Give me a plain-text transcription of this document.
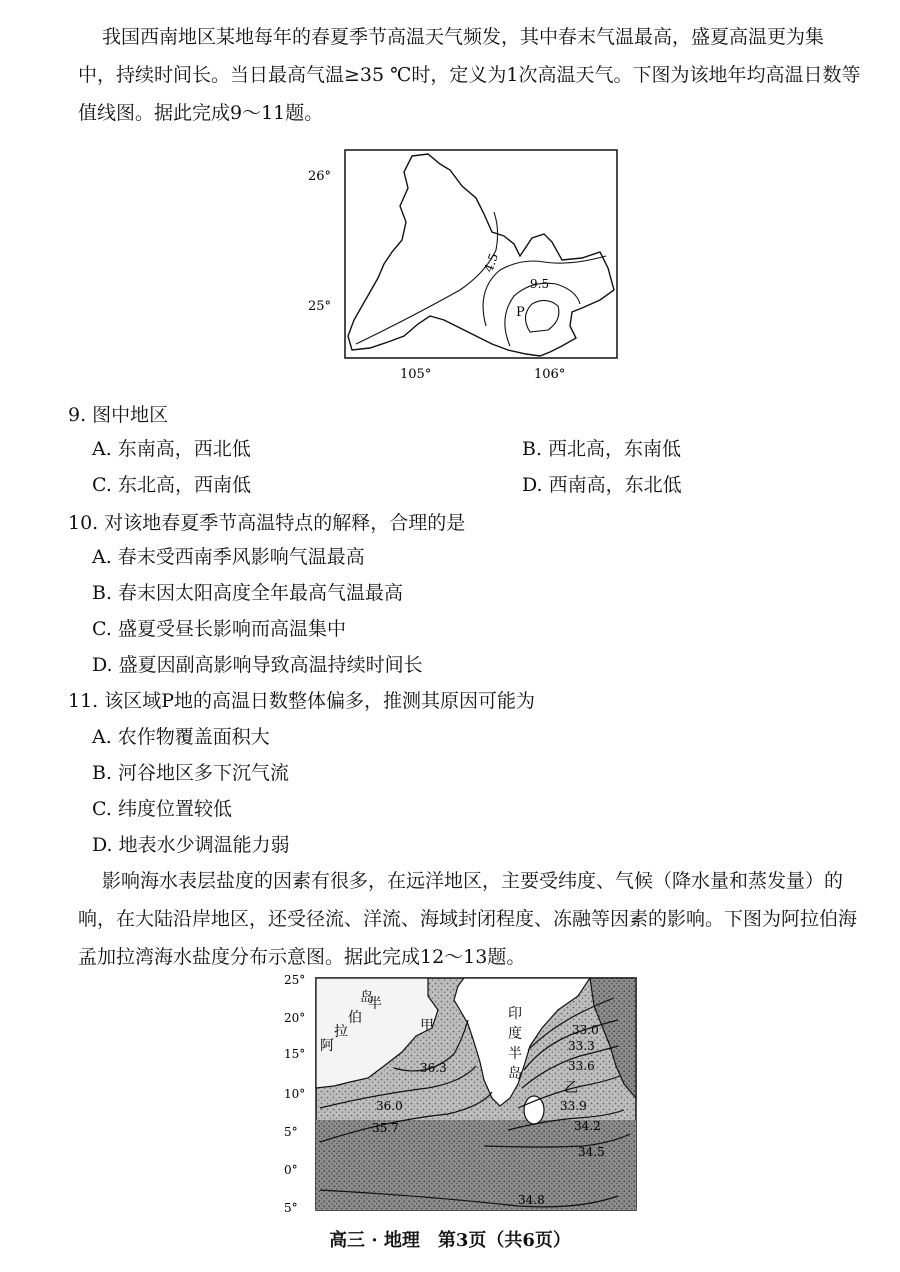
我国西南地区某地每年的春夏季节高温天气频发，其中春末气温最高，盛夏高温更为集
中，持续时间长。当日最高气温≥35 ℃时，定义为1次高温天气。下图为该地年均高温日数等
值线图。据此完成9～11题。
26°
25°
105°	106°
4.5
9.5
P
9. 图中地区
A. 东南高，西北低	B. 西北高，东南低
C. 东北高，西南低	D. 西南高，东北低
10. 对该地春夏季节高温特点的解释，合理的是
A. 春末受西南季风影响气温最高
B. 春末因太阳高度全年最高气温最高
C. 盛夏受昼长影响而高温集中
D. 盛夏因副高影响导致高温持续时间长
11. 该区域P地的高温日数整体偏多，推测其原因可能为
A. 农作物覆盖面积大
B. 河谷地区多下沉气流
C. 纬度位置较低
D. 地表水少调温能力弱
影响海水表层盐度的因素有很多，在远洋地区，主要受纬度、气候（降水量和蒸发量）的
响，在大陆沿岸地区，还受径流、洋流、海域封闭程度、冻融等因素的影响。下图为阿拉伯海
孟加拉湾海水盐度分布示意图。据此完成12～13题。
25°
20°
15°
10°
5°
0°
5°
半
伯
岛
拉
阿
印
度
半
岛
甲
乙
36.3
36.0
35.7
33.0
33.3
33.6
33.9
34.2
34.5
34.8
高三 · 地理　第3页（共6页）
